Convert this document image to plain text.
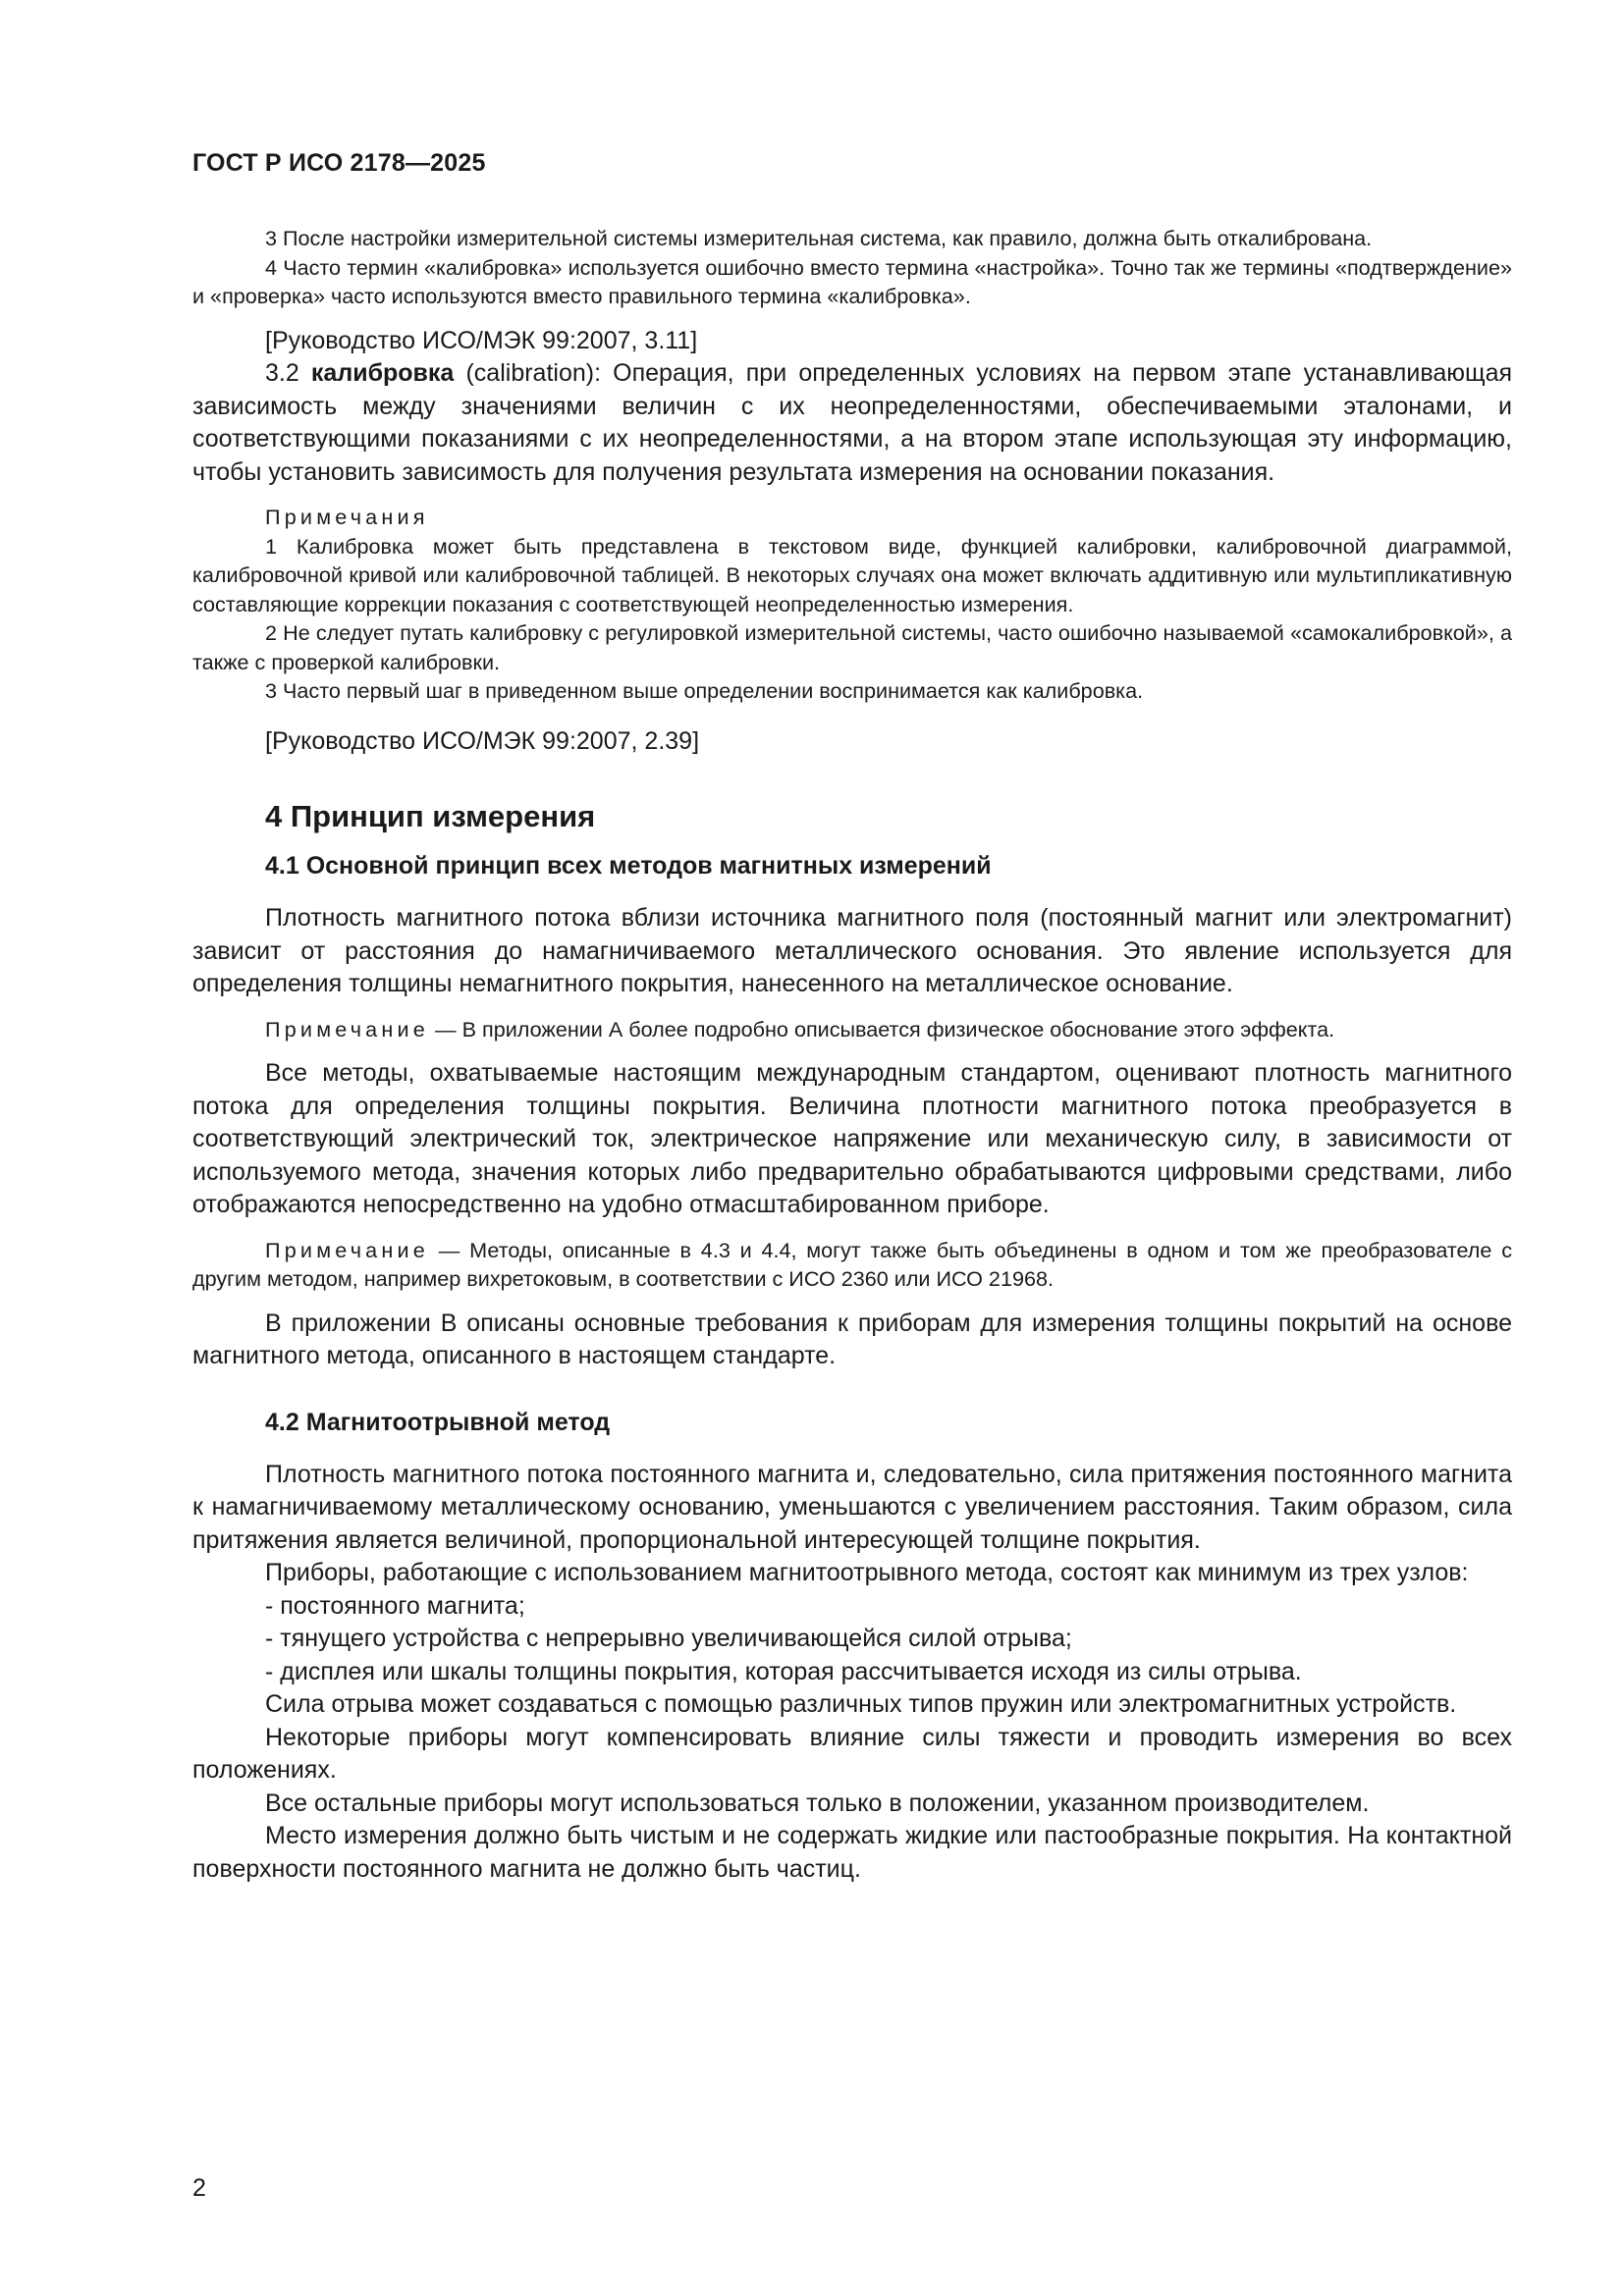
ГОСТ Р ИСО 2178—2025

3 После настройки измерительной системы измерительная система, как правило, должна быть откалибрована.

4 Часто термин «калибровка» используется ошибочно вместо термина «настройка». Точно так же термины «подтверждение» и «проверка» часто используются вместо правильного термина «калибровка».

[Руководство ИСО/МЭК 99:2007, 3.11]

3.2 калибровка (calibration): Операция, при определенных условиях на первом этапе устанавливающая зависимость между значениями величин с их неопределенностями, обеспечиваемыми эталонами, и соответствующими показаниями с их неопределенностями, а на втором этапе использующая эту информацию, чтобы установить зависимость для получения результата измерения на основании показания.

Примечания

1 Калибровка может быть представлена в текстовом виде, функцией калибровки, калибровочной диаграммой, калибровочной кривой или калибровочной таблицей. В некоторых случаях она может включать аддитивную или мультипликативную составляющие коррекции показания с соответствующей неопределенностью измерения.

2 Не следует путать калибровку с регулировкой измерительной системы, часто ошибочно называемой «самокалибровкой», а также с проверкой калибровки.

3 Часто первый шаг в приведенном выше определении воспринимается как калибровка.

[Руководство ИСО/МЭК 99:2007, 2.39]

4 Принцип измерения
4.1 Основной принцип всех методов магнитных измерений

Плотность магнитного потока вблизи источника магнитного поля (постоянный магнит или электромагнит) зависит от расстояния до намагничиваемого металлического основания. Это явление используется для определения толщины немагнитного покрытия, нанесенного на металлическое основание.

Примечание — В приложении А более подробно описывается физическое обоснование этого эффекта.

Все методы, охватываемые настоящим международным стандартом, оценивают плотность магнитного потока для определения толщины покрытия. Величина плотности магнитного потока преобразуется в соответствующий электрический ток, электрическое напряжение или механическую силу, в зависимости от используемого метода, значения которых либо предварительно обрабатываются цифровыми средствами, либо отображаются непосредственно на удобно отмасштабированном приборе.

Примечание — Методы, описанные в 4.3 и 4.4, могут также быть объединены в одном и том же преобразователе с другим методом, например вихретоковым, в соответствии с ИСО 2360 или ИСО 21968.

В приложении В описаны основные требования к приборам для измерения толщины покрытий на основе магнитного метода, описанного в настоящем стандарте.

4.2 Магнитоотрывной метод

Плотность магнитного потока постоянного магнита и, следовательно, сила притяжения постоянного магнита к намагничиваемому металлическому основанию, уменьшаются с увеличением расстояния. Таким образом, сила притяжения является величиной, пропорциональной интересующей толщине покрытия.

Приборы, работающие с использованием магнитоотрывного метода, состоят как минимум из трех узлов:

- постоянного магнита;

- тянущего устройства с непрерывно увеличивающейся силой отрыва;

- дисплея или шкалы толщины покрытия, которая рассчитывается исходя из силы отрыва.

Сила отрыва может создаваться с помощью различных типов пружин или электромагнитных устройств.

Некоторые приборы могут компенсировать влияние силы тяжести и проводить измерения во всех положениях.

Все остальные приборы могут использоваться только в положении, указанном производителем.

Место измерения должно быть чистым и не содержать жидкие или пастообразные покрытия. На контактной поверхности постоянного магнита не должно быть частиц.

2
